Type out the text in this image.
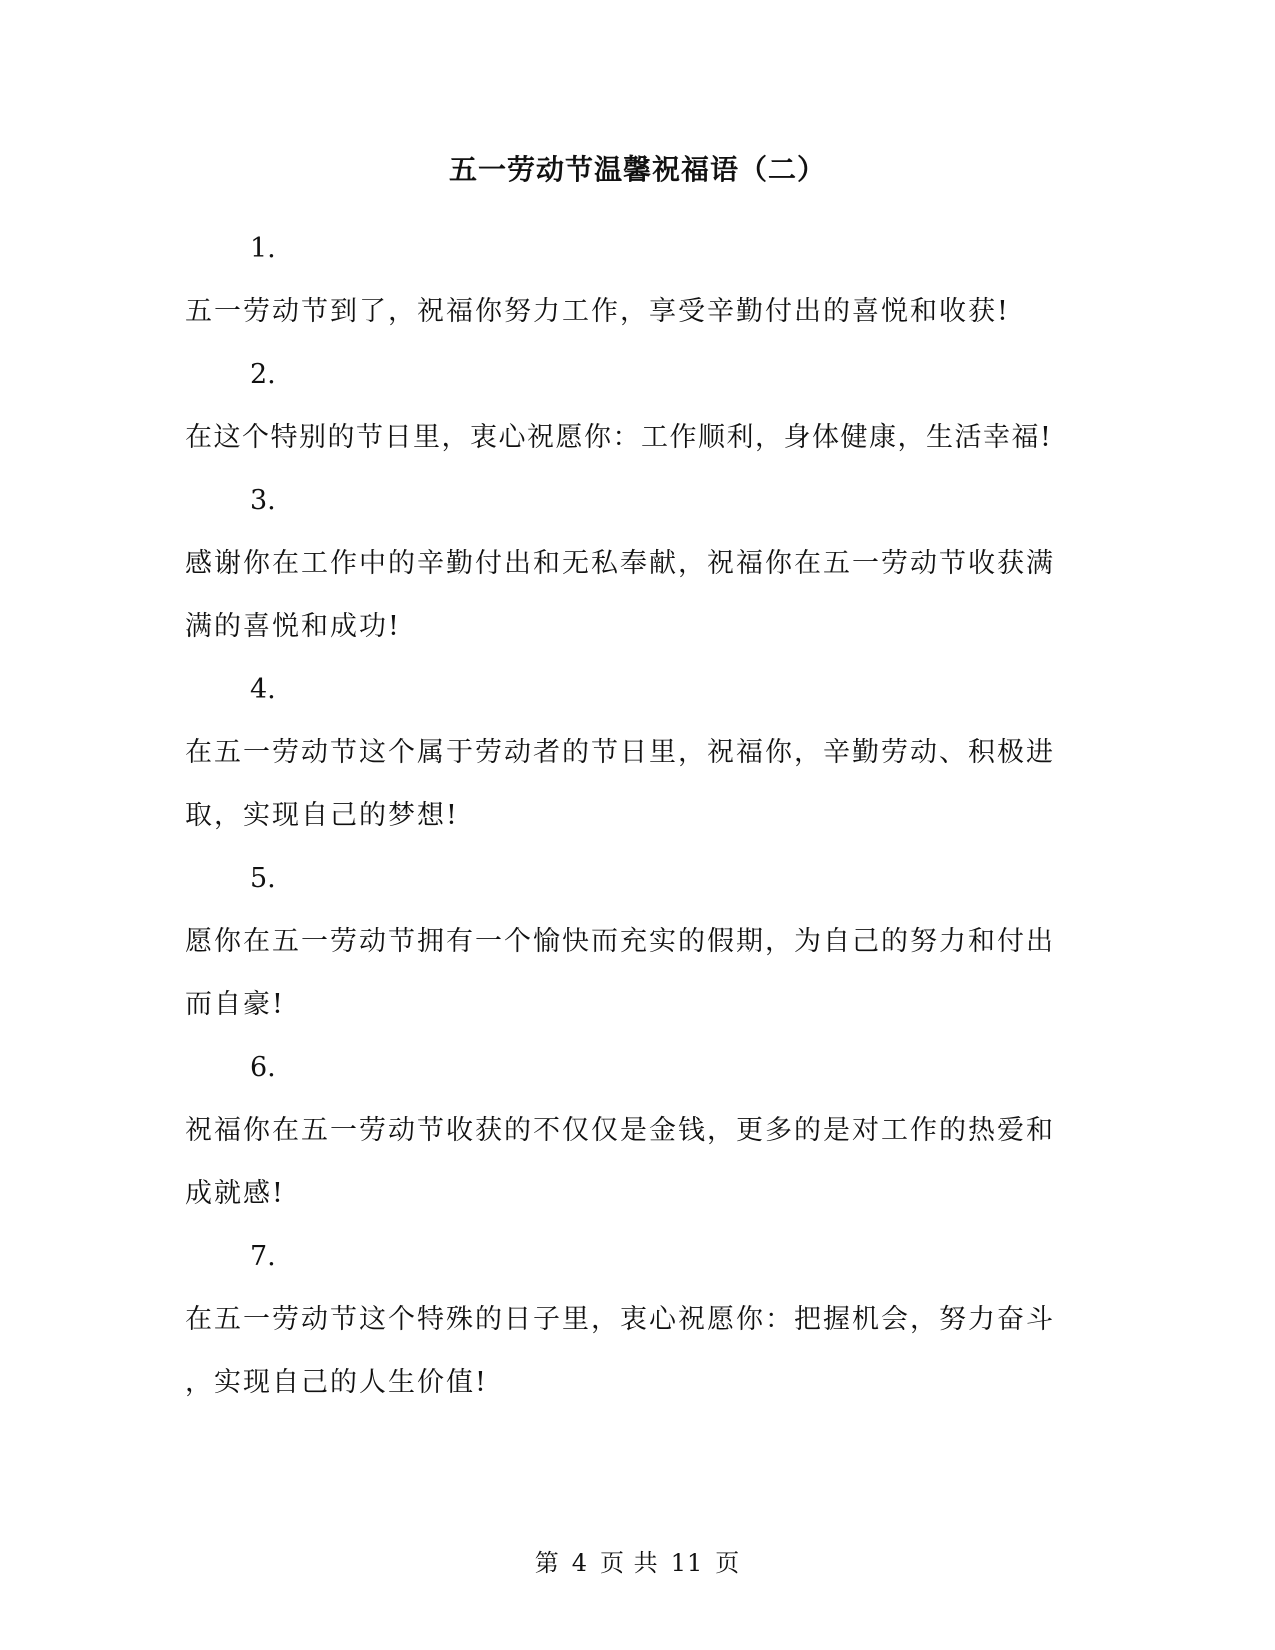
五一劳动节温馨祝福语（二）
1.
五一劳动节到了，祝福你努力工作，享受辛勤付出的喜悦和收获!
2.
在这个特别的节日里，衷心祝愿你：工作顺利，身体健康，生活幸福!
3.
感谢你在工作中的辛勤付出和无私奉献，祝福你在五一劳动节收获满
满的喜悦和成功!
4.
在五一劳动节这个属于劳动者的节日里，祝福你，辛勤劳动、积极进
取，实现自己的梦想!
5.
愿你在五一劳动节拥有一个愉快而充实的假期，为自己的努力和付出
而自豪!
6.
祝福你在五一劳动节收获的不仅仅是金钱，更多的是对工作的热爱和
成就感!
7.
在五一劳动节这个特殊的日子里，衷心祝愿你：把握机会，努力奋斗
，实现自己的人生价值!
第 4 页 共 11 页
